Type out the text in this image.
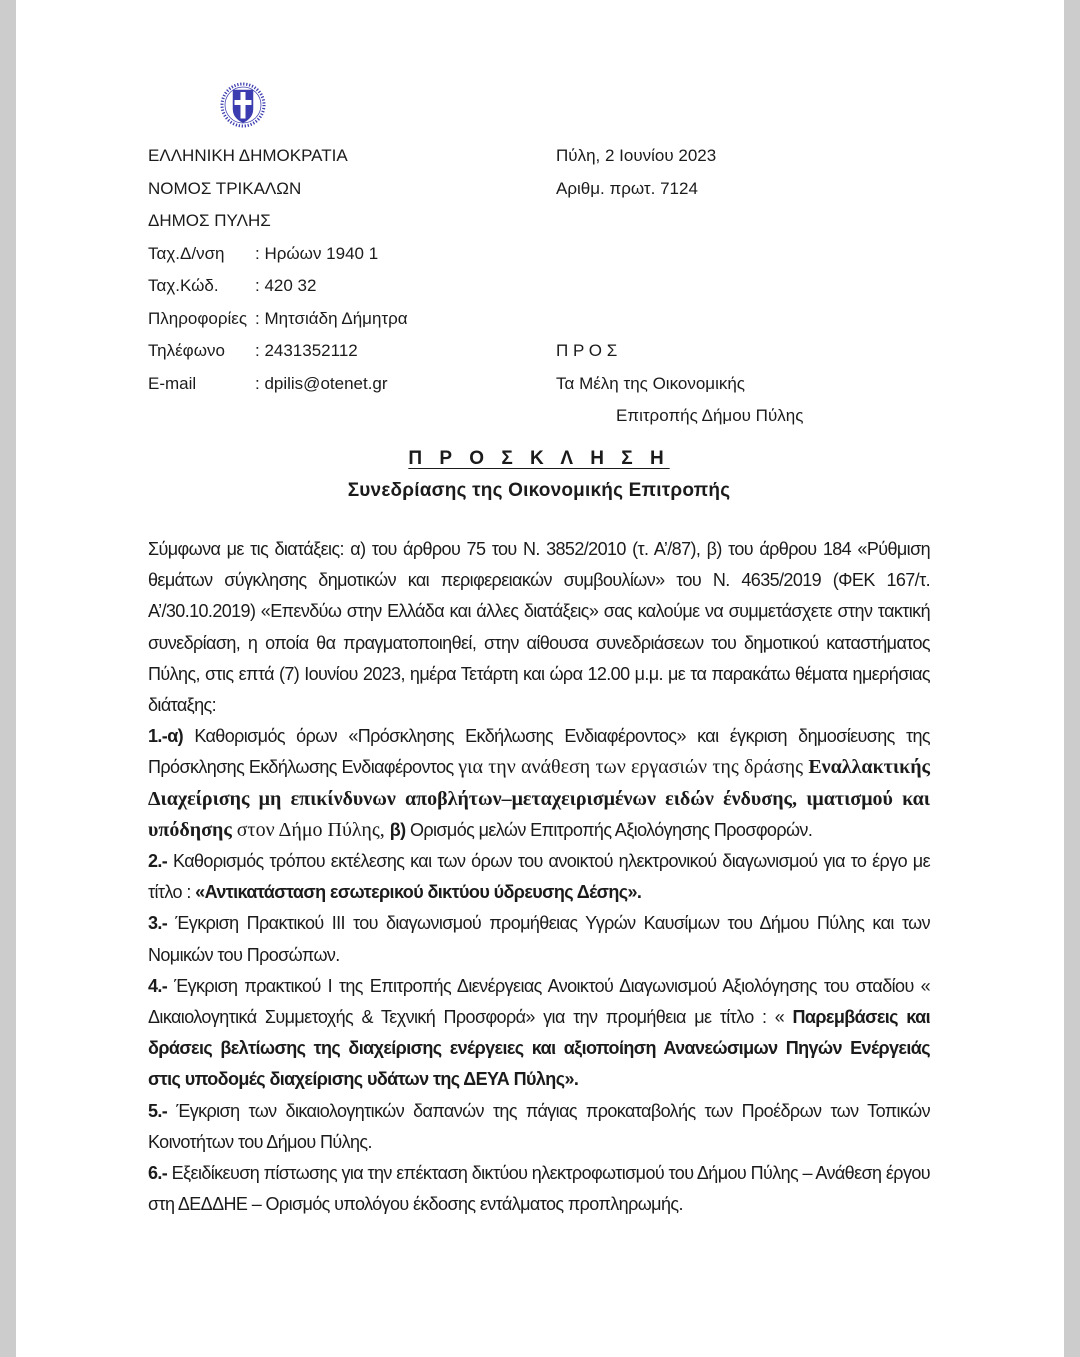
ΕΛΛΗΝΙΚΗ ΔΗΜΟΚΡΑΤΙΑ
ΝΟΜΟΣ ΤΡΙΚΑΛΩΝ
ΔΗΜΟΣ ΠΥΛΗΣ
Ταχ.Δ/νση	: Ηρώων 1940 1
Ταχ.Κώδ.	: 420 32
Πληροφορίες : Μητσιάδη Δήμητρα
Τηλέφωνο	: 2431352112
E-mail	: dpilis@otenet.gr
Πύλη, 2 Ιουνίου 2023
Αριθμ. πρωτ. 7124
Π Ρ Ο Σ
Τα Μέλη της Οικονομικής
Επιτροπής Δήμου Πύλης

Π Ρ Ο Σ Κ Λ Η Σ Η

Συνεδρίασης της Οικονομικής Επιτροπής

Σύμφωνα με τις διατάξεις: α) του άρθρου 75 του Ν. 3852/2010 (τ. Α’/87), β) του άρθρου 184 «Ρύθμιση θεμάτων σύγκλησης δημοτικών και περιφερειακών συμβουλίων» του Ν. 4635/2019 (ΦΕΚ 167/τ. Α’/30.10.2019) «Επενδύω στην Ελλάδα και άλλες διατάξεις» σας καλούμε να συμμετάσχετε στην τακτική συνεδρίαση, η οποία θα πραγματοποιηθεί, στην αίθουσα συνεδριάσεων του δημοτικού καταστήματος Πύλης, στις επτά (7) Ιουνίου 2023, ημέρα Τετάρτη και ώρα 12.00 μ.μ. με τα παρακάτω θέματα ημερήσιας διάταξης:

1.-α) Καθορισμός όρων «Πρόσκλησης Εκδήλωσης Ενδιαφέροντος» και έγκριση δημοσίευσης της Πρόσκλησης Εκδήλωσης Ενδιαφέροντος για την ανάθεση των εργασιών της δράσης Εναλλακτικής Διαχείρισης μη επικίνδυνων αποβλήτων–μεταχειρισμένων ειδών ένδυσης, ιματισμού και υπόδησης στον Δήμο Πύλης, β) Ορισμός μελών Επιτροπής Αξιολόγησης Προσφορών.

2.- Καθορισμός τρόπου εκτέλεσης και των όρων του ανοικτού ηλεκτρονικού διαγωνισμού για το έργο με τίτλο : «Αντικατάσταση εσωτερικού δικτύου ύδρευσης Δέσης».

3.- Έγκριση Πρακτικού ΙΙΙ του διαγωνισμού προμήθειας Υγρών Καυσίμων του Δήμου Πύλης και των Νομικών του Προσώπων.

4.- Έγκριση πρακτικού Ι της Επιτροπής Διενέργειας Ανοικτού Διαγωνισμού Αξιολόγησης του σταδίου « Δικαιολογητικά Συμμετοχής & Τεχνική Προσφορά» για την προμήθεια με τίτλο : « Παρεμβάσεις και δράσεις βελτίωσης της διαχείρισης ενέργειες και αξιοποίηση Ανανεώσιμων Πηγών Ενέργειάς στις υποδομές διαχείρισης υδάτων της ΔΕΥΑ Πύλης».

5.- Έγκριση των δικαιολογητικών δαπανών της πάγιας προκαταβολής των Προέδρων των Τοπικών Κοινοτήτων του Δήμου Πύλης.

6.- Εξειδίκευση πίστωσης για την επέκταση δικτύου ηλεκτροφωτισμού του Δήμου Πύλης – Ανάθεση έργου στη ΔΕΔΔΗΕ – Ορισμός υπολόγου έκδοσης εντάλματος προπληρωμής.
